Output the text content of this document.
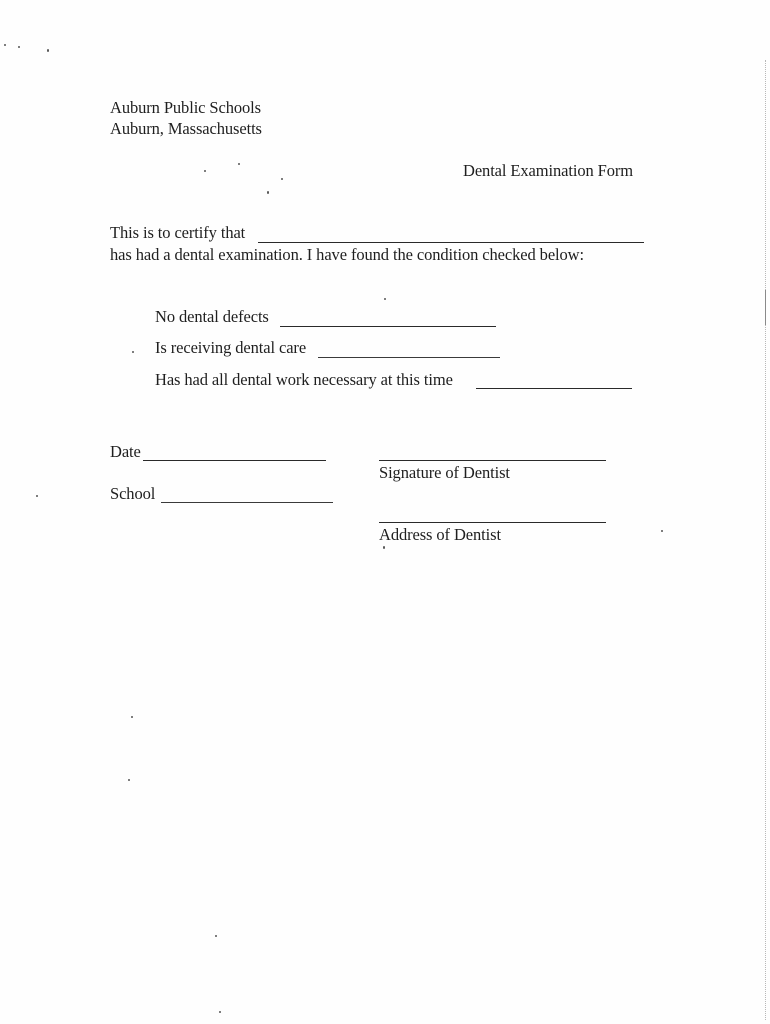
Auburn Public Schools
Auburn, Massachusetts
Dental Examination Form
This is to certify that
has had a dental examination. I have found the condition checked below:
No dental defects
Is receiving dental care
Has had all dental work necessary at this time
Date
Signature of Dentist
School
Address of Dentist
